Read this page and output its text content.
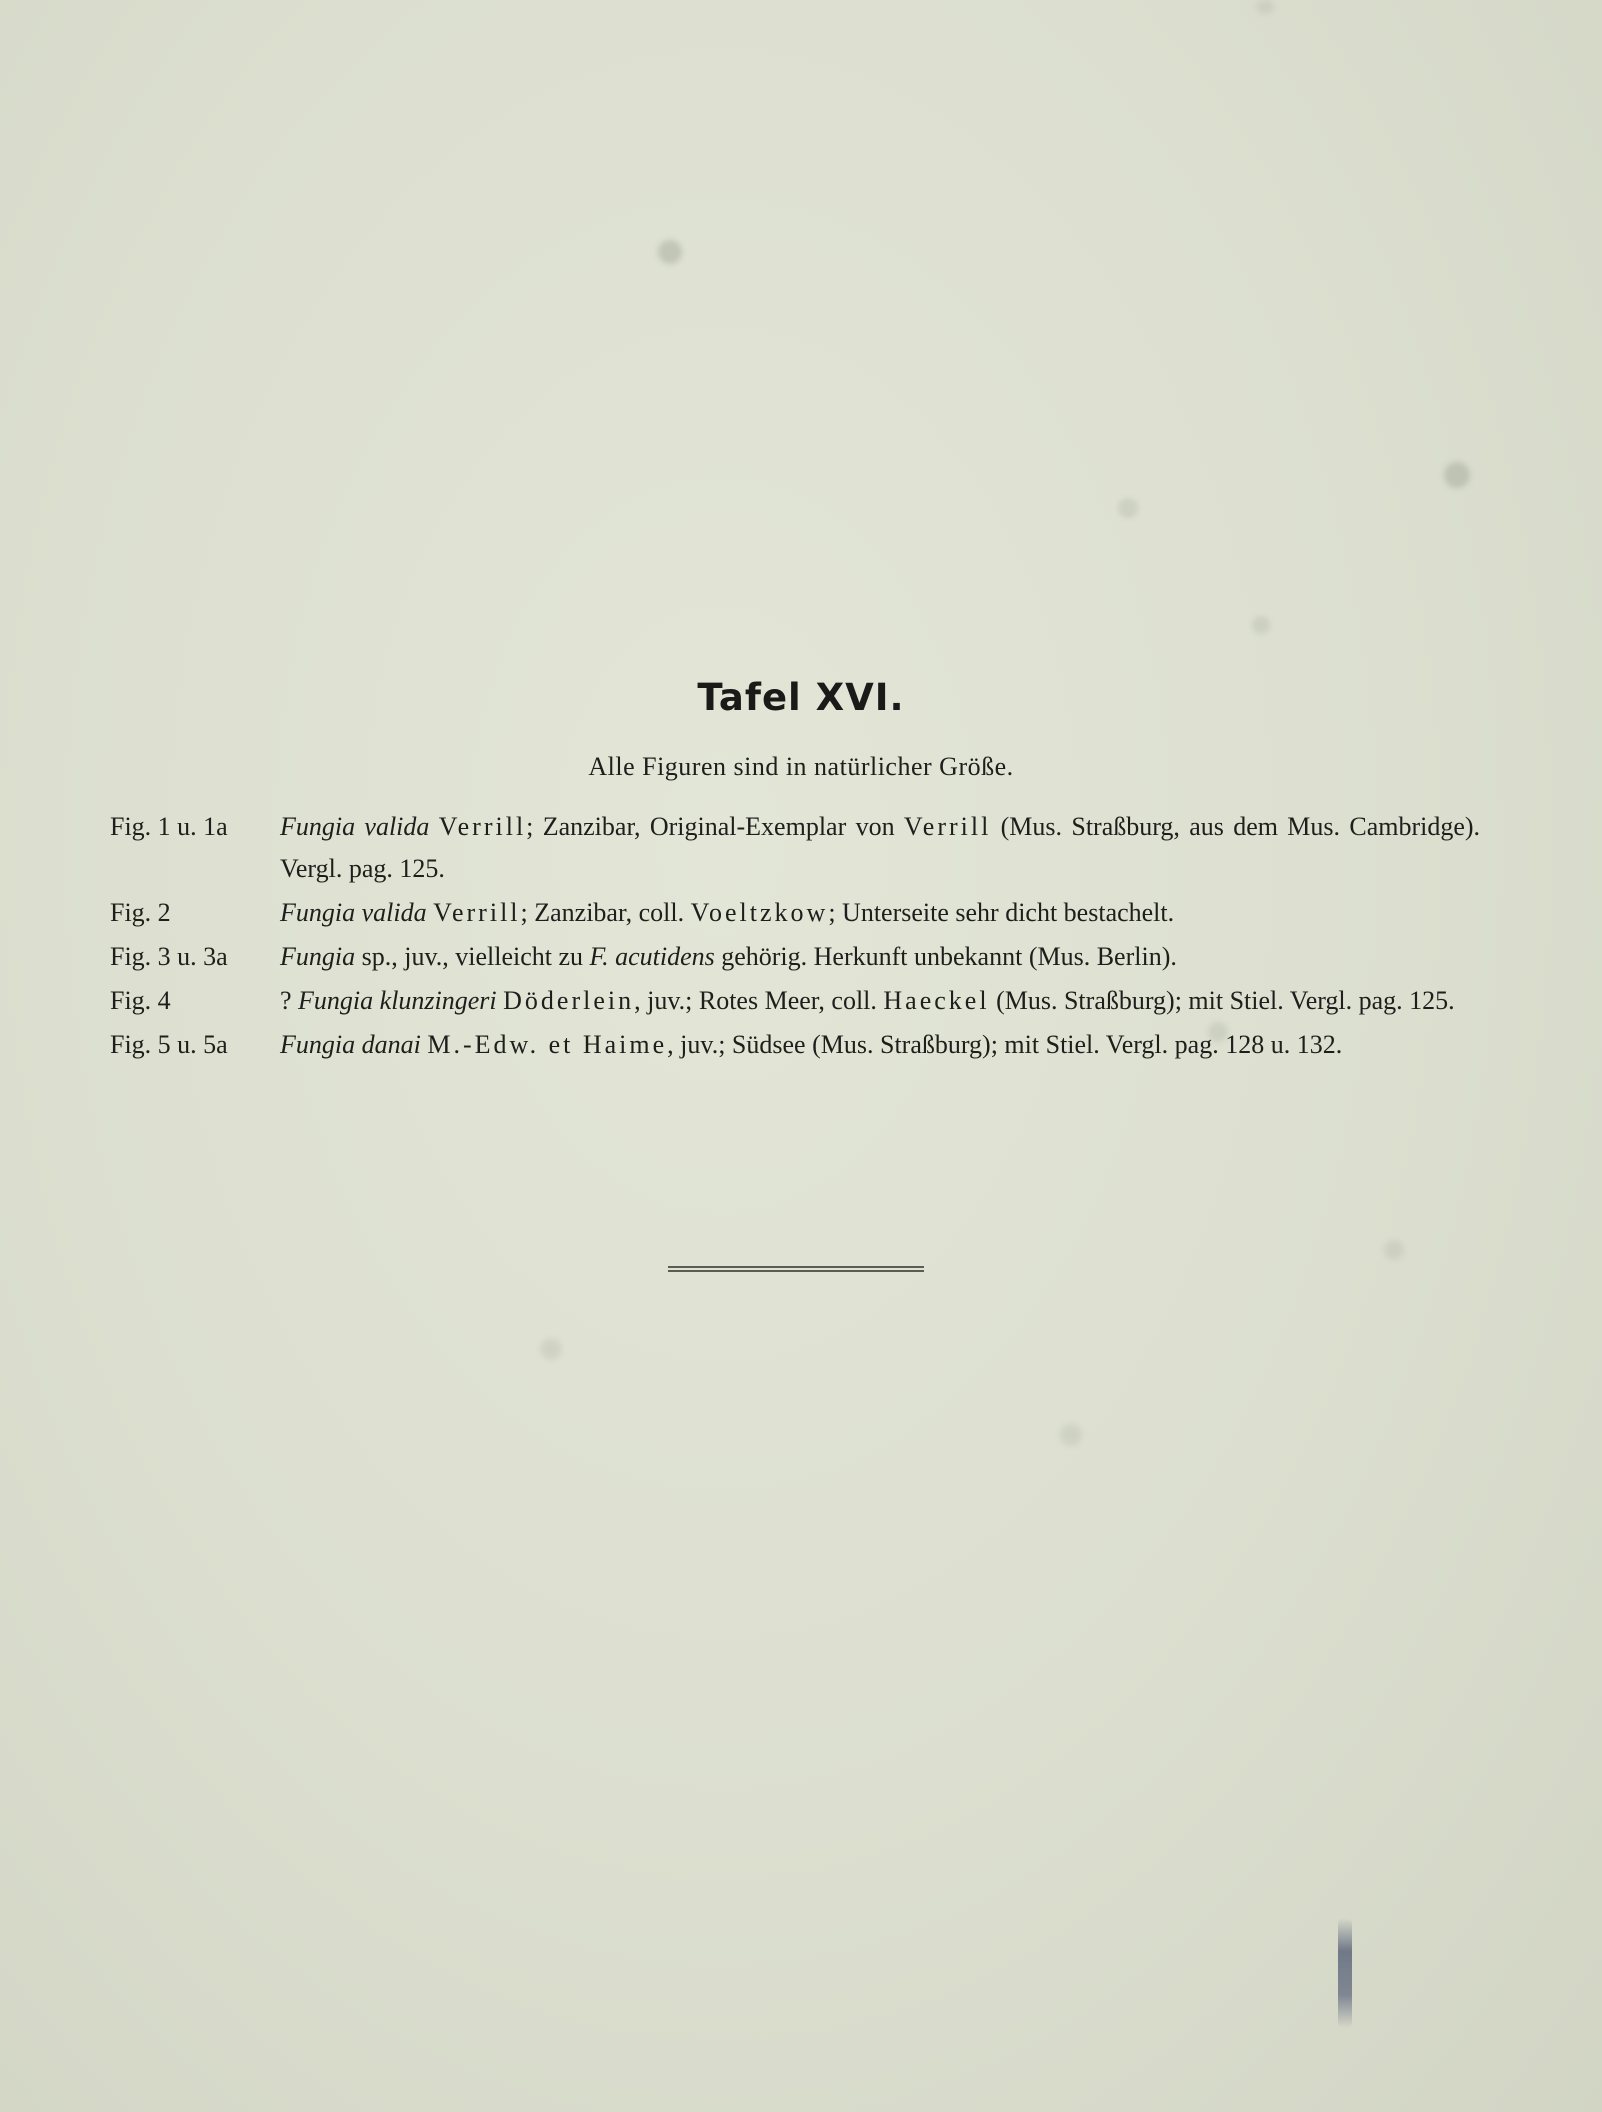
Tafel XVI.
Alle Figuren sind in natürlicher Größe.
Fig. 1 u. 1a	Fungia valida Verrill; Zanzibar, Original-Exemplar von Verrill (Mus. Straßburg, aus dem Mus. Cambridge). Vergl. pag. 125.
Fig. 2	Fungia valida Verrill; Zanzibar, coll. Voeltzkow; Unterseite sehr dicht bestachelt.
Fig. 3 u. 3a	Fungia sp., juv., vielleicht zu F. acutidens gehörig. Herkunft unbekannt (Mus. Berlin).
Fig. 4	? Fungia klunzingeri Döderlein, juv.; Rotes Meer, coll. Haeckel (Mus. Straßburg); mit Stiel. Vergl. pag. 125.
Fig. 5 u. 5a	Fungia danai M.-Edw. et Haime, juv.; Südsee (Mus. Straßburg); mit Stiel. Vergl. pag. 128 u. 132.
